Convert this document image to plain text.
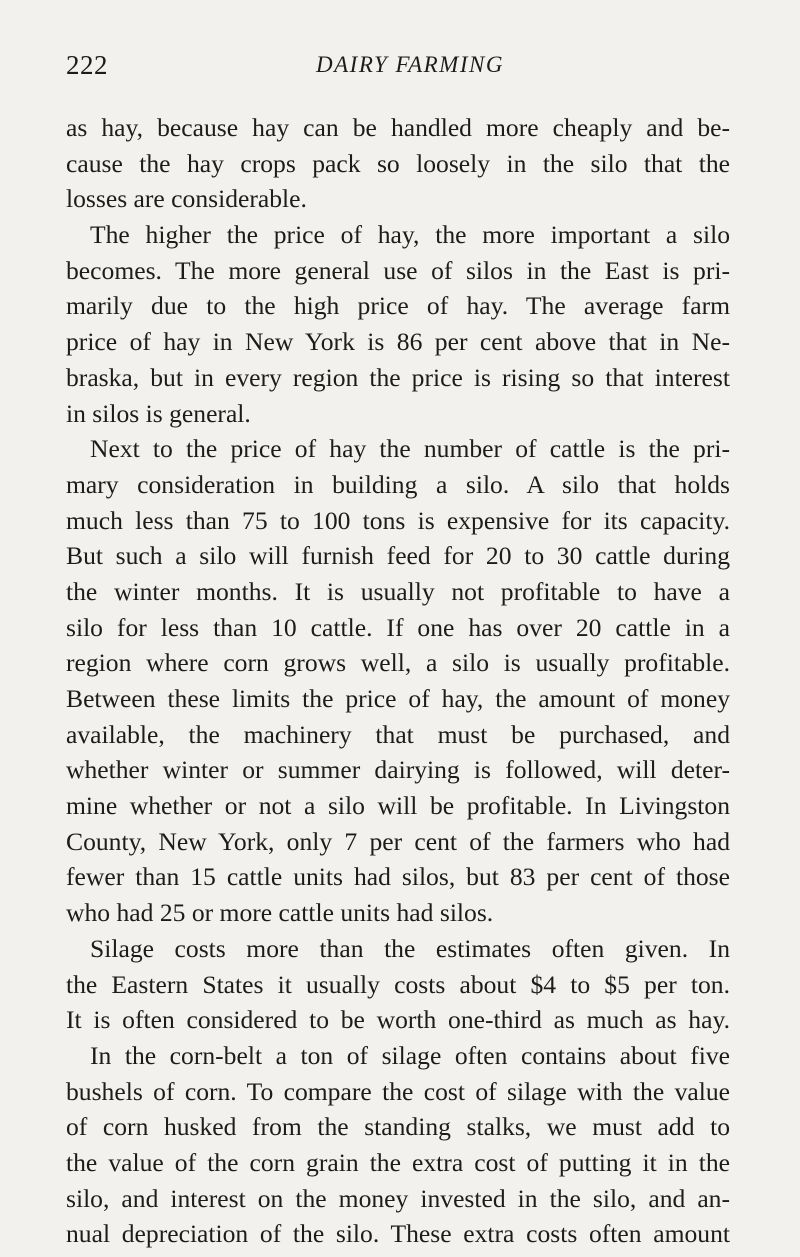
222	DAIRY FARMING
as hay, because hay can be handled more cheaply and be-
cause the hay crops pack so loosely in the silo that the
losses are considerable.
The higher the price of hay, the more important a silo
becomes. The more general use of silos in the East is pri-
marily due to the high price of hay. The average farm
price of hay in New York is 86 per cent above that in Ne-
braska, but in every region the price is rising so that interest
in silos is general.
Next to the price of hay the number of cattle is the pri-
mary consideration in building a silo. A silo that holds
much less than 75 to 100 tons is expensive for its capacity.
But such a silo will furnish feed for 20 to 30 cattle during
the winter months. It is usually not profitable to have a
silo for less than 10 cattle. If one has over 20 cattle in a
region where corn grows well, a silo is usually profitable.
Between these limits the price of hay, the amount of money
available, the machinery that must be purchased, and
whether winter or summer dairying is followed, will deter-
mine whether or not a silo will be profitable. In Livingston
County, New York, only 7 per cent of the farmers who had
fewer than 15 cattle units had silos, but 83 per cent of those
who had 25 or more cattle units had silos.
Silage costs more than the estimates often given. In
the Eastern States it usually costs about $4 to $5 per ton.
It is often considered to be worth one-third as much as hay.
In the corn-belt a ton of silage often contains about five
bushels of corn. To compare the cost of silage with the value
of corn husked from the standing stalks, we must add to
the value of the corn grain the extra cost of putting it in the
silo, and interest on the money invested in the silo, and an-
nual depreciation of the silo. These extra costs often amount
